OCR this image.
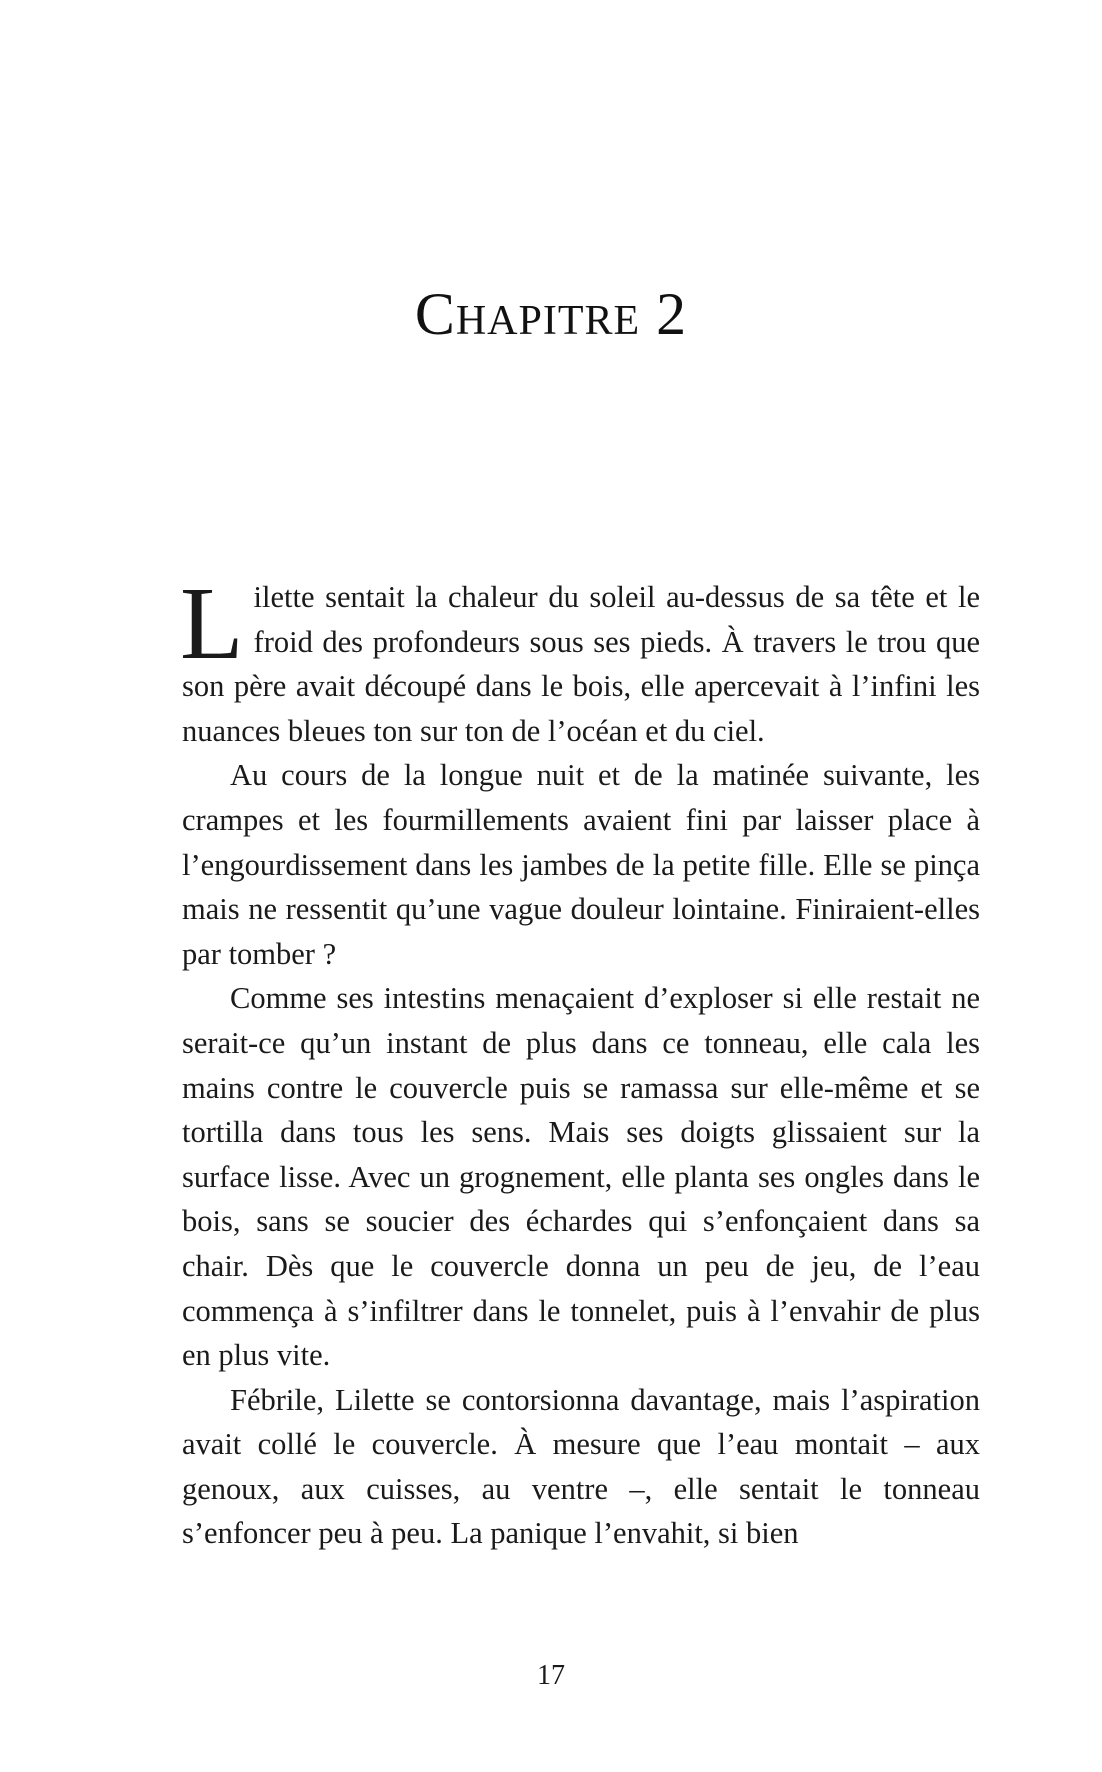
Chapitre 2

Lilette sentait la chaleur du soleil au-dessus de sa tête et le froid des profondeurs sous ses pieds. À travers le trou que son père avait découpé dans le bois, elle apercevait à l’infini les nuances bleues ton sur ton de l’océan et du ciel.

Au cours de la longue nuit et de la matinée suivante, les crampes et les fourmillements avaient fini par laisser place à l’engourdissement dans les jambes de la petite fille. Elle se pinça mais ne ressentit qu’une vague douleur lointaine. Finiraient-elles par tomber ?

Comme ses intestins menaçaient d’exploser si elle restait ne serait-ce qu’un instant de plus dans ce tonneau, elle cala les mains contre le couvercle puis se ramassa sur elle-même et se tortilla dans tous les sens. Mais ses doigts glissaient sur la surface lisse. Avec un grognement, elle planta ses ongles dans le bois, sans se soucier des échardes qui s’enfonçaient dans sa chair. Dès que le couvercle donna un peu de jeu, de l’eau commença à s’infiltrer dans le tonnelet, puis à l’envahir de plus en plus vite.

Fébrile, Lilette se contorsionna davantage, mais l’aspiration avait collé le couvercle. À mesure que l’eau montait – aux genoux, aux cuisses, au ventre –, elle sentait le tonneau s’enfoncer peu à peu. La panique l’envahit, si bien

17
